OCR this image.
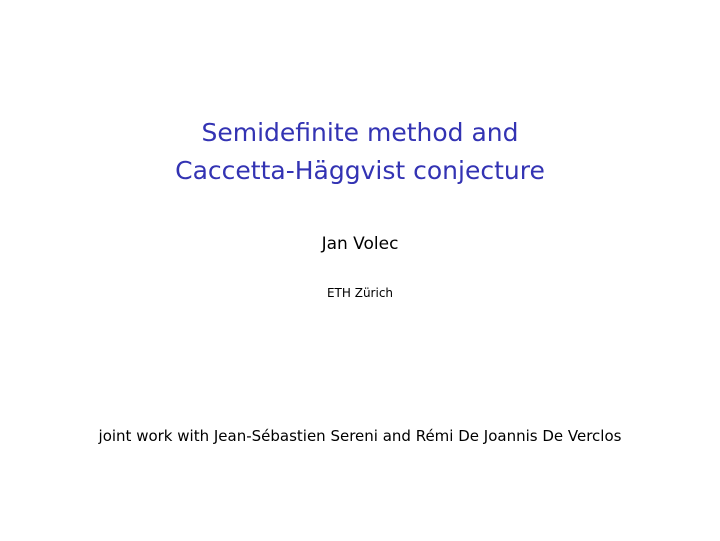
Semidefinite method and
Caccetta-Häggvist conjecture
Jan Volec
ETH Zürich
joint work with Jean-Sébastien Sereni and Rémi De Joannis De Verclos
